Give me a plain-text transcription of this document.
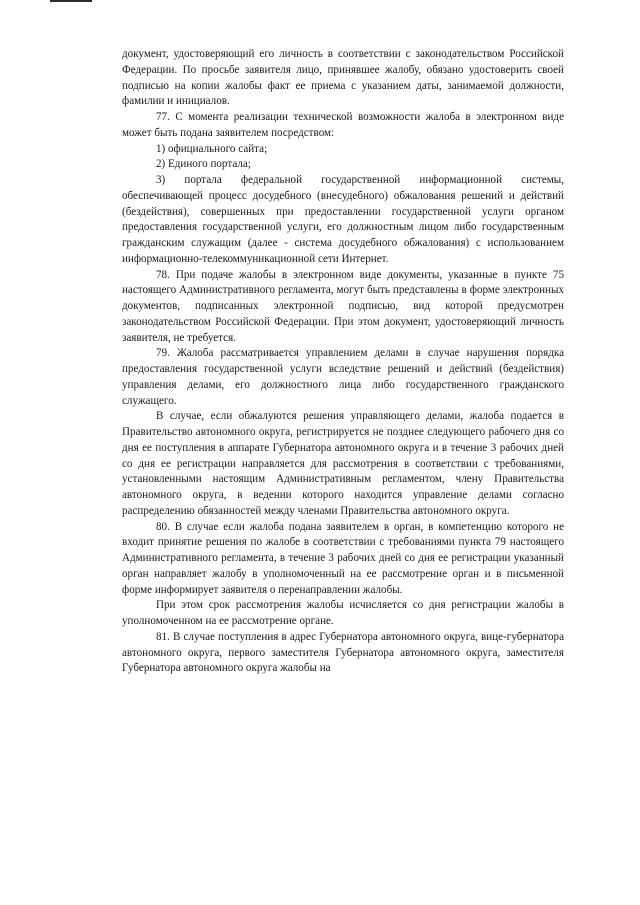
документ, удостоверяющий его личность в соответствии с законодательством Российской Федерации. По просьбе заявителя лицо, принявшее жалобу, обязано удостоверить своей подписью на копии жалобы факт ее приема с указанием даты, занимаемой должности, фамилии и инициалов.

77. С момента реализации технической возможности жалоба в электронном виде может быть подана заявителем посредством:

1) официального сайта;

2) Единого портала;

3) портала федеральной государственной информационной системы, обеспечивающей процесс досудебного (внесудебного) обжалования решений и действий (бездействия), совершенных при предоставлении государственной услуги органом предоставления государственной услуги, его должностным лицом либо государственным гражданским служащим (далее - система досудебного обжалования) с использованием информационно-телекоммуникационной сети Интернет.

78. При подаче жалобы в электронном виде документы, указанные в пункте 75 настоящего Административного регламента, могут быть представлены в форме электронных документов, подписанных электронной подписью, вид которой предусмотрен законодательством Российской Федерации. При этом документ, удостоверяющий личность заявителя, не требуется.

79. Жалоба рассматривается управлением делами в случае нарушения порядка предоставления государственной услуги вследствие решений и действий (бездействия) управления делами, его должностного лица либо государственного гражданского служащего.

В случае, если обжалуются решения управляющего делами, жалоба подается в Правительство автономного округа, регистрируется не позднее следующего рабочего дня со дня ее поступления в аппарате Губернатора автономного округа и в течение 3 рабочих дней со дня ее регистрации направляется для рассмотрения в соответствии с требованиями, установленными настоящим Административным регламентом, члену Правительства автономного округа, в ведении которого находится управление делами согласно распределению обязанностей между членами Правительства автономного округа.

80. В случае если жалоба подана заявителем в орган, в компетенцию которого не входит принятие решения по жалобе в соответствии с требованиями пункта 79 настоящего Административного регламента, в течение 3 рабочих дней со дня ее регистрации указанный орган направляет жалобу в уполномоченный на ее рассмотрение орган и в письменной форме информирует заявителя о перенаправлении жалобы.

При этом срок рассмотрения жалобы исчисляется со дня регистрации жалобы в уполномоченном на ее рассмотрение органе.

81. В случае поступления в адрес Губернатора автономного округа, вице-губернатора автономного округа, первого заместителя Губернатора автономного округа, заместителя Губернатора автономного округа жалобы на
